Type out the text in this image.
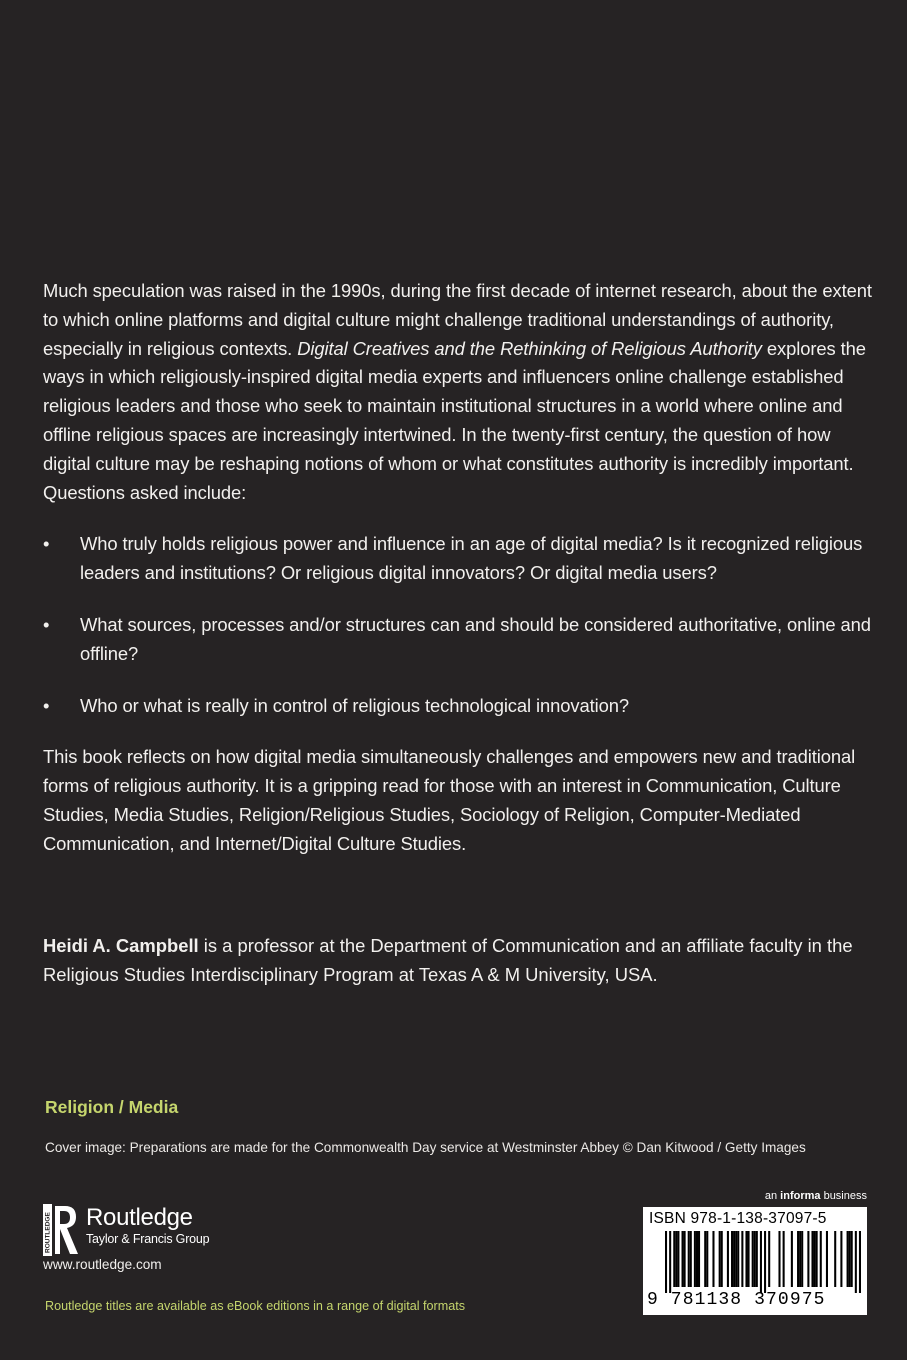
Much speculation was raised in the 1990s, during the first decade of internet research, about the extent to which online platforms and digital culture might challenge traditional understandings of authority, especially in religious contexts. Digital Creatives and the Rethinking of Religious Authority explores the ways in which religiously-inspired digital media experts and influencers online challenge established religious leaders and those who seek to maintain institutional structures in a world where online and offline religious spaces are increasingly intertwined. In the twenty-first century, the question of how digital culture may be reshaping notions of whom or what constitutes authority is incredibly important. Questions asked include:

• Who truly holds religious power and influence in an age of digital media? Is it recognized religious leaders and institutions? Or religious digital innovators? Or digital media users?
• What sources, processes and/or structures can and should be considered authoritative, online and offline?
• Who or what is really in control of religious technological innovation?

This book reflects on how digital media simultaneously challenges and empowers new and traditional forms of religious authority. It is a gripping read for those with an interest in Communication, Culture Studies, Media Studies, Religion/Religious Studies, Sociology of Religion, Computer-Mediated Communication, and Internet/Digital Culture Studies.

Heidi A. Campbell is a professor at the Department of Communication and an affiliate faculty in the Religious Studies Interdisciplinary Program at Texas A & M University, USA.
Religion / Media
Cover image: Preparations are made for the Commonwealth Day service at Westminster Abbey © Dan Kitwood / Getty Images
ROUTLEDGE Routledge
Taylor & Francis Group
www.routledge.com
Routledge titles are available as eBook editions in a range of digital formats
an informa business
ISBN 978-1-138-37097-5
9 781138 370975
